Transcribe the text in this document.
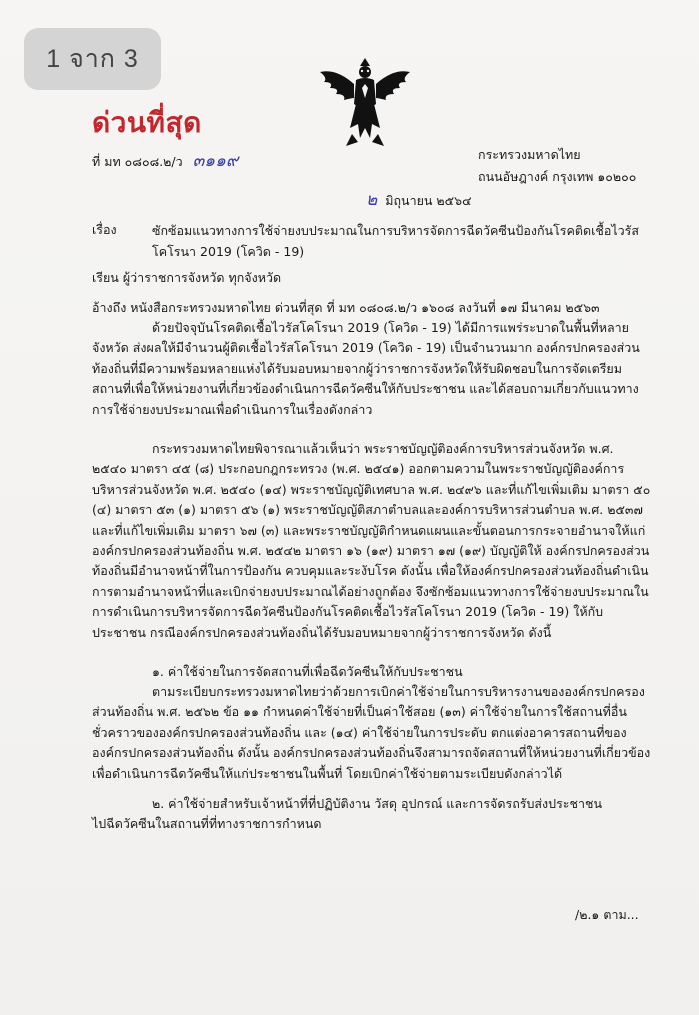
1 จาก 3
ด่วนที่สุด
ที่ มท ๐๘๐๘.๒/ว ๓๑๑๙	กระทรวงมหาดไทย
ถนนอัษฎางค์ กรุงเทพ ๑๐๒๐๐
๒ มิถุนายน ๒๕๖๔
เรื่อง	ซักซ้อมแนวทางการใช้จ่ายงบประมาณในการบริหารจัดการฉีดวัคซีนป้องกันโรคติดเชื้อไวรัสโคโรนา 2019 (โควิด - 19)
เรียน ผู้ว่าราชการจังหวัด ทุกจังหวัด
อ้างถึง หนังสือกระทรวงมหาดไทย ด่วนที่สุด ที่ มท ๐๘๐๘.๒/ว ๑๖๐๘ ลงวันที่ ๑๗ มีนาคม ๒๕๖๓
ด้วยปัจจุบันโรคติดเชื้อไวรัสโคโรนา 2019 (โควิด - 19) ได้มีการแพร่ระบาดในพื้นที่หลายจังหวัด ส่งผลให้มีจำนวนผู้ติดเชื้อไวรัสโคโรนา 2019 (โควิด - 19) เป็นจำนวนมาก องค์กรปกครองส่วนท้องถิ่นที่มีความพร้อมหลายแห่งได้รับมอบหมายจากผู้ว่าราชการจังหวัดให้รับผิดชอบในการจัดเตรียมสถานที่เพื่อให้หน่วยงานที่เกี่ยวข้องดำเนินการฉีดวัคซีนให้กับประชาชน และได้สอบถามเกี่ยวกับแนวทางการใช้จ่ายงบประมาณเพื่อดำเนินการในเรื่องดังกล่าว
กระทรวงมหาดไทยพิจารณาแล้วเห็นว่า พระราชบัญญัติองค์การบริหารส่วนจังหวัด พ.ศ. ๒๕๔๐ มาตรา ๔๕ (๘) ประกอบกฎกระทรวง (พ.ศ. ๒๕๔๑) ออกตามความในพระราชบัญญัติองค์การบริหารส่วนจังหวัด พ.ศ. ๒๕๔๐ (๑๔) พระราชบัญญัติเทศบาล พ.ศ. ๒๔๙๖ และที่แก้ไขเพิ่มเติม มาตรา ๕๐ (๔) มาตรา ๕๓ (๑) มาตรา ๕๖ (๑) พระราชบัญญัติสภาตำบลและองค์การบริหารส่วนตำบล พ.ศ. ๒๕๓๗ และที่แก้ไขเพิ่มเติม มาตรา ๖๗ (๓) และพระราชบัญญัติกำหนดแผนและขั้นตอนการกระจายอำนาจให้แก่องค์กรปกครองส่วนท้องถิ่น พ.ศ. ๒๕๔๒ มาตรา ๑๖ (๑๙) มาตรา ๑๗ (๑๙) บัญญัติให้ องค์กรปกครองส่วนท้องถิ่นมีอำนาจหน้าที่ในการป้องกัน ควบคุมและระงับโรค ดังนั้น เพื่อให้องค์กรปกครองส่วนท้องถิ่นดำเนินการตามอำนาจหน้าที่และเบิกจ่ายงบประมาณได้อย่างถูกต้อง จึงซักซ้อมแนวทางการใช้จ่ายงบประมาณในการดำเนินการบริหารจัดการฉีดวัคซีนป้องกันโรคติดเชื้อไวรัสโคโรนา 2019 (โควิด - 19) ให้กับประชาชน กรณีองค์กรปกครองส่วนท้องถิ่นได้รับมอบหมายจากผู้ว่าราชการจังหวัด ดังนี้
๑. ค่าใช้จ่ายในการจัดสถานที่เพื่อฉีดวัคซีนให้กับประชาชน
ตามระเบียบกระทรวงมหาดไทยว่าด้วยการเบิกค่าใช้จ่ายในการบริหารงานขององค์กรปกครองส่วนท้องถิ่น พ.ศ. ๒๕๖๒ ข้อ ๑๑ กำหนดค่าใช้จ่ายที่เป็นค่าใช้สอย (๑๓) ค่าใช้จ่ายในการใช้สถานที่อื่นชั่วคราวขององค์กรปกครองส่วนท้องถิ่น และ (๑๔) ค่าใช้จ่ายในการประดับ ตกแต่งอาคารสถานที่ขององค์กรปกครองส่วนท้องถิ่น ดังนั้น องค์กรปกครองส่วนท้องถิ่นจึงสามารถจัดสถานที่ให้หน่วยงานที่เกี่ยวข้องเพื่อดำเนินการฉีดวัคซีนให้แก่ประชาชนในพื้นที่ โดยเบิกค่าใช้จ่ายตามระเบียบดังกล่าวได้
๒. ค่าใช้จ่ายสำหรับเจ้าหน้าที่ที่ปฏิบัติงาน วัสดุ อุปกรณ์ และการจัดรถรับส่งประชาชน
ไปฉีดวัคซีนในสถานที่ที่ทางราชการกำหนด
/๒.๑ ตาม...
